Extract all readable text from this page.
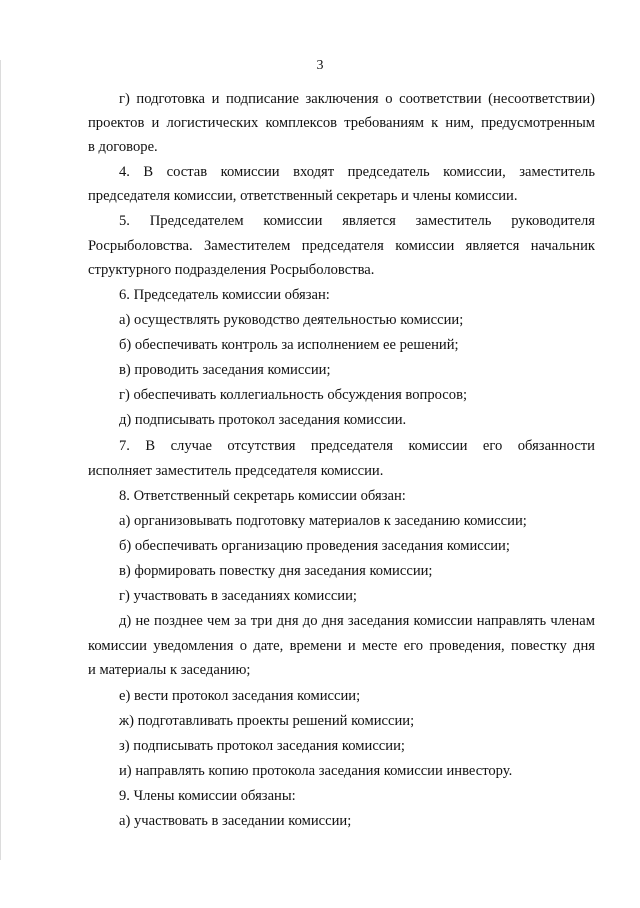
3
г) подготовка и подписание заключения о соответствии (несоответствии)
проектов и логистических комплексов требованиям к ним, предусмотренным
в договоре.
4. В состав комиссии входят председатель комиссии, заместитель
председателя комиссии, ответственный секретарь и члены комиссии.
5. Председателем комиссии является заместитель руководителя
Росрыболовства. Заместителем председателя комиссии является начальник
структурного подразделения Росрыболовства.
6. Председатель комиссии обязан:
а) осуществлять руководство деятельностью комиссии;
б) обеспечивать контроль за исполнением ее решений;
в) проводить заседания комиссии;
г) обеспечивать коллегиальность обсуждения вопросов;
д) подписывать протокол заседания комиссии.
7. В случае отсутствия председателя комиссии его обязанности
исполняет заместитель председателя комиссии.
8. Ответственный секретарь комиссии обязан:
а) организовывать подготовку материалов к заседанию комиссии;
б) обеспечивать организацию проведения заседания комиссии;
в) формировать повестку дня заседания комиссии;
г) участвовать в заседаниях комиссии;
д) не позднее чем за три дня до дня заседания комиссии направлять членам
комиссии уведомления о дате, времени и месте его проведения, повестку дня
и материалы к заседанию;
е) вести протокол заседания комиссии;
ж) подготавливать проекты решений комиссии;
з) подписывать протокол заседания комиссии;
и) направлять копию протокола заседания комиссии инвестору.
9. Члены комиссии обязаны:
а) участвовать в заседании комиссии;
